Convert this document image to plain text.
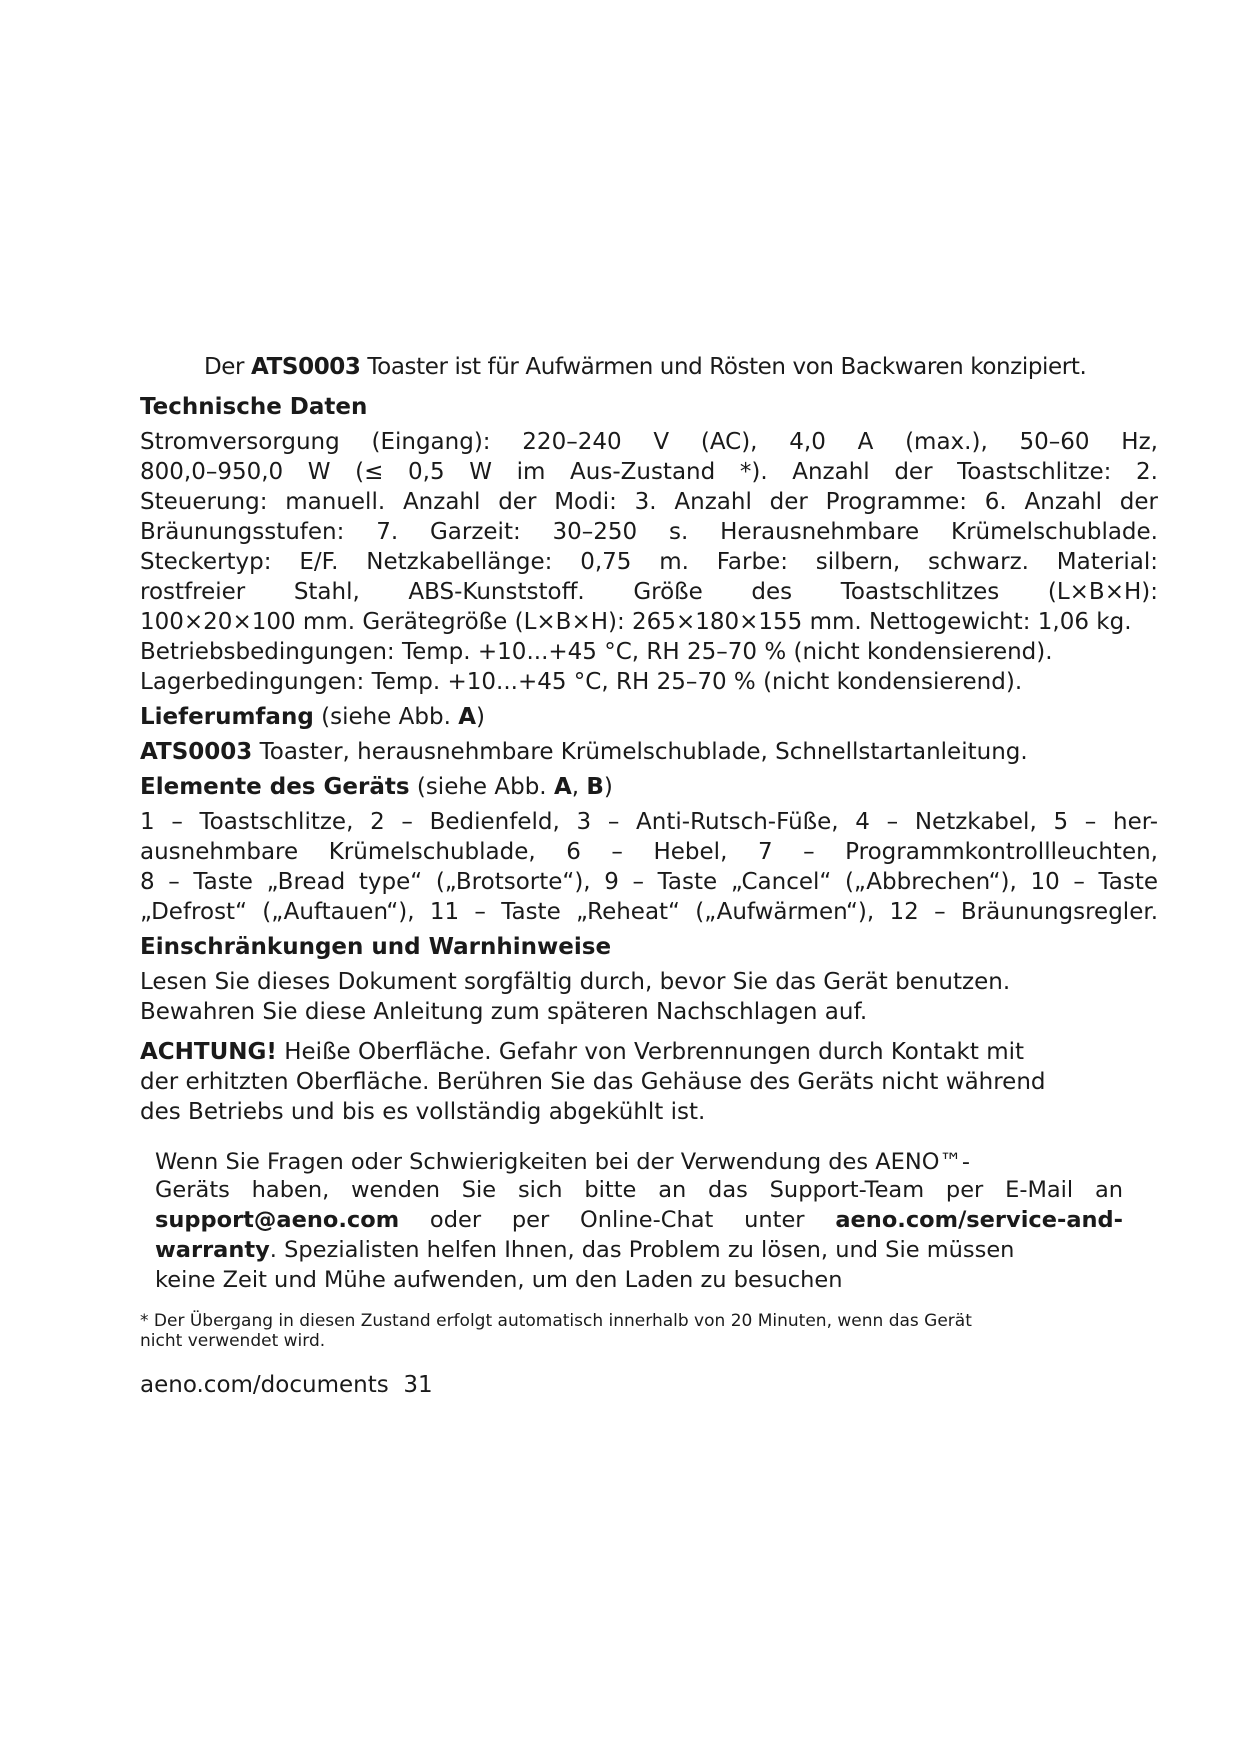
Der ATS0003 Toaster ist für Aufwärmen und Rösten von Backwaren konzipiert.
Technische Daten
Stromversorgung (Eingang): 220–240 V (AC), 4,0 A (max.), 50–60 Hz,
800,0–950,0 W (≤ 0,5 W im Aus-Zustand *). Anzahl der Toastschlitze: 2.
Steuerung: manuell. Anzahl der Modi: 3. Anzahl der Programme: 6. Anzahl der
Bräunungsstufen: 7. Garzeit: 30–250 s. Herausnehmbare Krümelschublade.
Steckertyp: E/F. Netzkabellänge: 0,75 m. Farbe: silbern, schwarz. Material:
rostfreier Stahl, ABS-Kunststoff. Größe des Toastschlitzes (L×B×H):
100×20×100 mm. Gerätegröße (L×B×H): 265×180×155 mm. Nettogewicht: 1,06 kg.
Betriebsbedingungen: Temp. +10...+45 °C, RH 25–70 % (nicht kondensierend).
Lagerbedingungen: Temp. +10...+45 °C, RH 25–70 % (nicht kondensierend).
Lieferumfang (siehe Abb. A)
ATS0003 Toaster, herausnehmbare Krümelschublade, Schnellstartanleitung.
Elemente des Geräts (siehe Abb. A, B)
1 – Toastschlitze, 2 – Bedienfeld, 3 – Anti-Rutsch-Füße, 4 – Netzkabel, 5 – her-
ausnehmbare Krümelschublade, 6 – Hebel, 7 – Programmkontrollleuchten,
8 – Taste „Bread type“ („Brotsorte“), 9 – Taste „Cancel“ („Abbrechen“), 10 – Taste
„Defrost“ („Auftauen“), 11 – Taste „Reheat“ („Aufwärmen“), 12 – Bräunungsregler.
Einschränkungen und Warnhinweise
Lesen Sie dieses Dokument sorgfältig durch, bevor Sie das Gerät benutzen.
Bewahren Sie diese Anleitung zum späteren Nachschlagen auf.
ACHTUNG! Heiße Oberfläche. Gefahr von Verbrennungen durch Kontakt mit
der erhitzten Oberfläche. Berühren Sie das Gehäuse des Geräts nicht während
des Betriebs und bis es vollständig abgekühlt ist.
Wenn Sie Fragen oder Schwierigkeiten bei der Verwendung des AENO™-
Geräts haben, wenden Sie sich bitte an das Support-Team per E-Mail an
support@aeno.com oder per Online-Chat unter aeno.com/service-and-
warranty. Spezialisten helfen Ihnen, das Problem zu lösen, und Sie müssen
keine Zeit und Mühe aufwenden, um den Laden zu besuchen
* Der Übergang in diesen Zustand erfolgt automatisch innerhalb von 20 Minuten, wenn das Gerät
nicht verwendet wird.
aeno.com/documents 31
